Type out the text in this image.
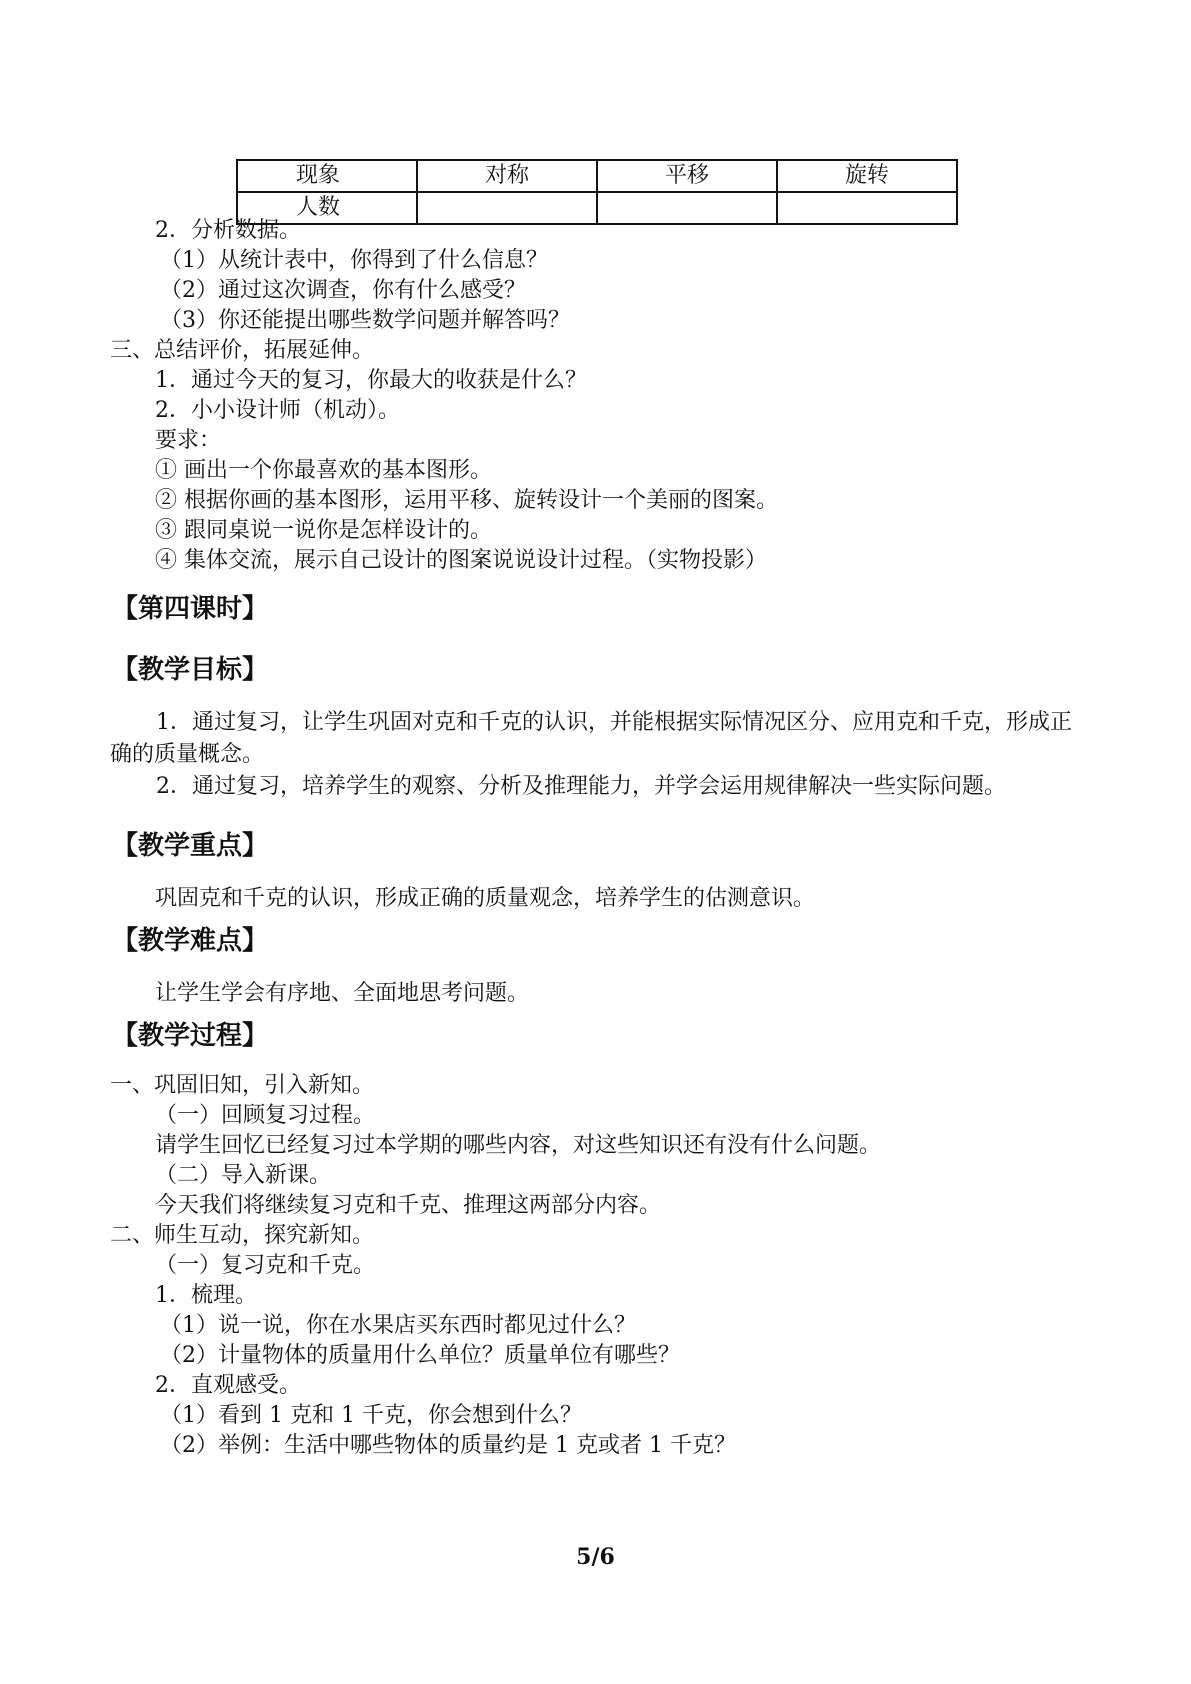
现象	对称	平移	旋转
人数			
2．分析数据。
（1）从统计表中，你得到了什么信息？
（2）通过这次调查，你有什么感受？
（3）你还能提出哪些数学问题并解答吗？
三、总结评价，拓展延伸。
1．通过今天的复习，你最大的收获是什么？
2．小小设计师（机动）。
要求：
① 画出一个你最喜欢的基本图形。
② 根据你画的基本图形，运用平移、旋转设计一个美丽的图案。
③ 跟同桌说一说你是怎样设计的。
④ 集体交流，展示自己设计的图案说说设计过程。（实物投影）
【第四课时】
【教学目标】
1．通过复习，让学生巩固对克和千克的认识，并能根据实际情况区分、应用克和千克，形成正确的质量概念。
2．通过复习，培养学生的观察、分析及推理能力，并学会运用规律解决一些实际问题。
【教学重点】
巩固克和千克的认识，形成正确的质量观念，培养学生的估测意识。
【教学难点】
让学生学会有序地、全面地思考问题。
【教学过程】
一、巩固旧知，引入新知。
（一）回顾复习过程。
请学生回忆已经复习过本学期的哪些内容，对这些知识还有没有什么问题。
（二）导入新课。
今天我们将继续复习克和千克、推理这两部分内容。
二、师生互动，探究新知。
（一）复习克和千克。
1．梳理。
（1）说一说，你在水果店买东西时都见过什么？
（2）计量物体的质量用什么单位？质量单位有哪些？
2．直观感受。
（1）看到 1 克和 1 千克，你会想到什么？
（2）举例：生活中哪些物体的质量约是 1 克或者 1 千克？
5/6
